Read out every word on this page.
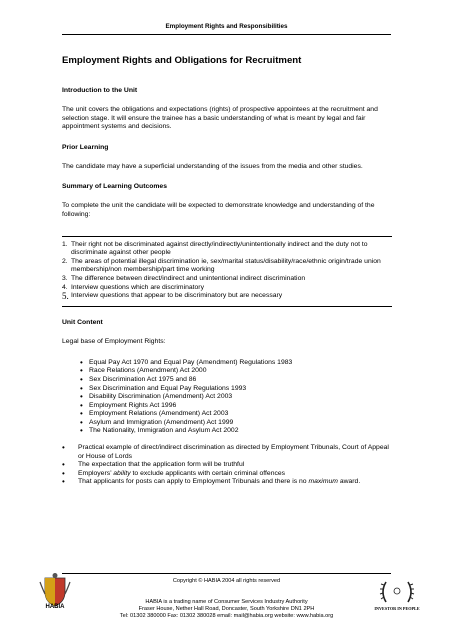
Employment Rights and Responsibilities
Employment Rights and Obligations for Recruitment
Introduction to the Unit
The unit covers the obligations and expectations (rights) of prospective appointees at the recruitment and selection stage. It will ensure the trainee has a basic understanding of what is meant by legal and fair appointment systems and decisions.
Prior Learning
The candidate may have a superficial understanding of the issues from the media and other studies.
Summary of Learning Outcomes
To complete the unit the candidate will be expected to demonstrate knowledge and understanding of the following:
1. Their right not be discriminated against directly/indirectly/unintentionally indirect and the duty not to discriminate against other people
2. The areas of potential illegal discrimination ie, sex/marital status/disability/race/ethnic origin/trade union membership/non membership/part time working
3. The difference between direct/indirect and unintentional indirect discrimination
4. Interview questions which are discriminatory
5. Interview questions that appear to be discriminatory but are necessary
Unit Content
Legal base of Employment Rights:
• Equal Pay Act 1970 and Equal Pay (Amendment) Regulations 1983
• Race Relations (Amendment) Act 2000
• Sex Discrimination Act 1975 and 86
• Sex Discrimination and Equal Pay Regulations 1993
• Disability Discrimination (Amendment) Act 2003
• Employment Rights Act 1996
• Employment Relations (Amendment) Act 2003
• Asylum and Immigration (Amendment) Act 1999
• The Nationality, Immigration and Asylum Act 2002
•	Practical example of direct/indirect discrimination as directed by Employment Tribunals, Court of Appeal or House of Lords
•	The expectation that the application form will be truthful
•	Employers’ ability to exclude applicants with certain criminal offences
•	That applicants for posts can apply to Employment Tribunals and there is no maximum award.
HABIA
Copyright © HABIA 2004 all rights reserved
HABIA is a trading name of Consumer Services Industry Authority
Fraser House, Nether Hall Road, Doncaster, South Yorkshire DN1 2PH
Tel: 01302 380000 Fax: 01302 380028 email: mail@habia.org website: www.habia.org
INVESTOR IN PEOPLE
